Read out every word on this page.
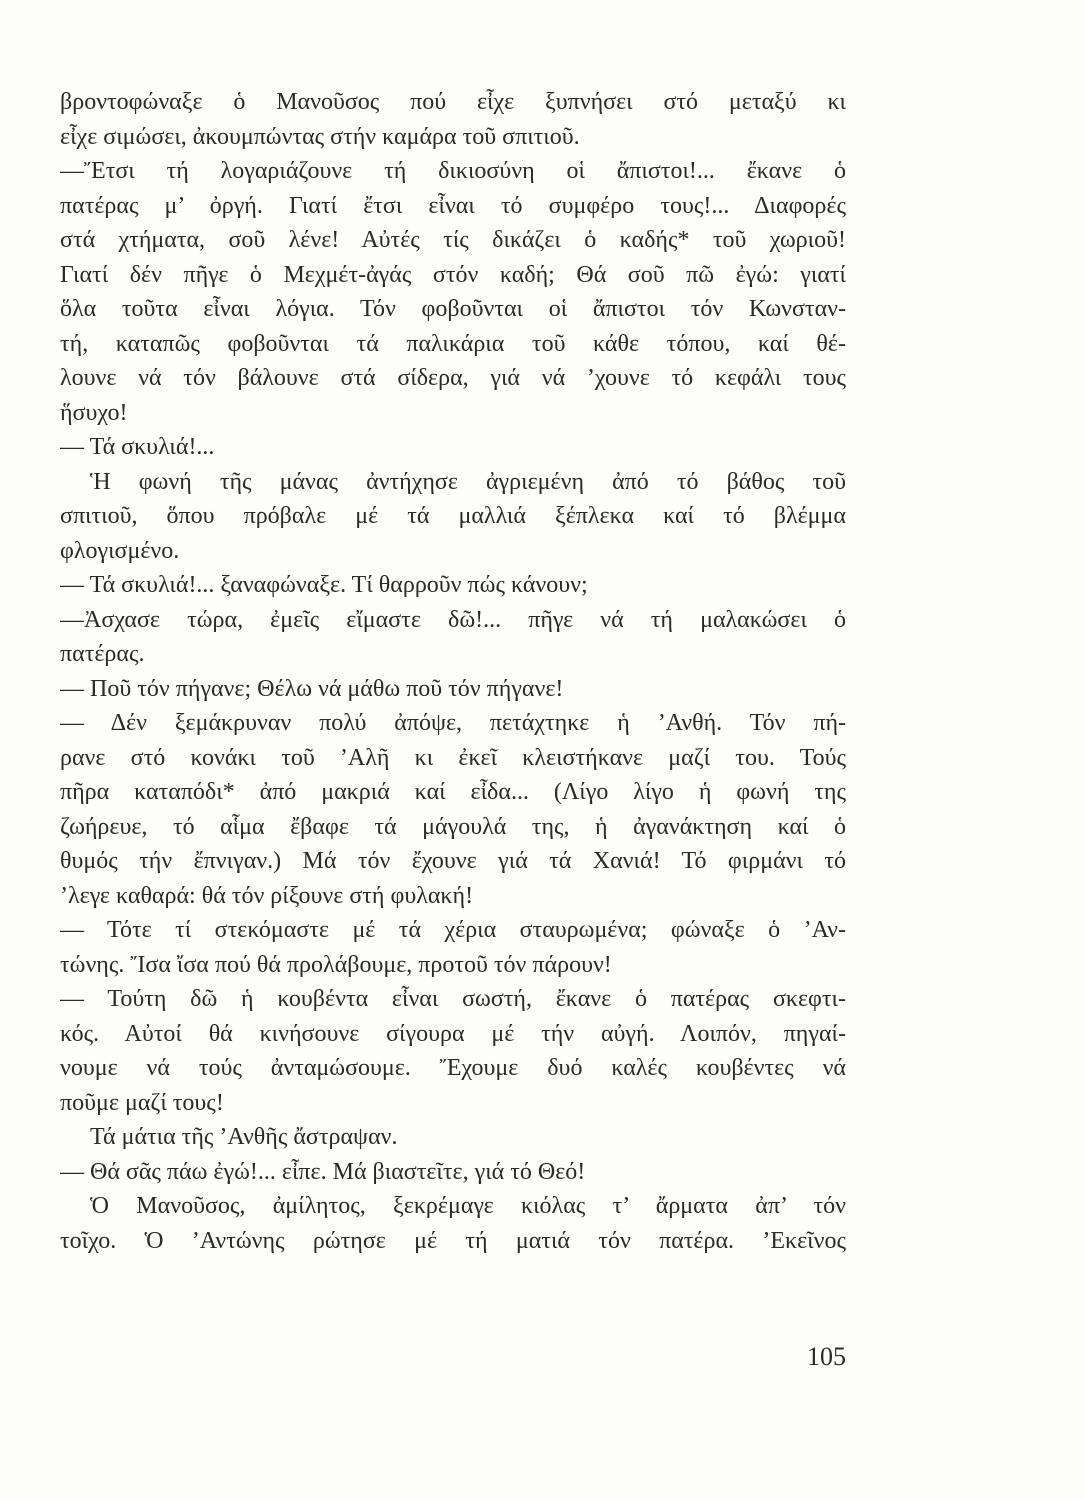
βροντοφώναξε ὁ Μανοῦσος πού εἶχε ξυπνήσει στό μεταξύ κι
εἶχε σιμώσει, ἀκουμπώντας στήν καμάρα τοῦ σπιτιοῦ.
—Ἔτσι τή λογαριάζουνε τή δικιοσύνη οἱ ἄπιστοι!... ἔκανε ὁ
πατέρας μ’ ὀργή. Γιατί ἔτσι εἶναι τό συμφέρο τους!... Διαφορές
στά χτήματα, σοῦ λένε! Αὐτές τίς δικάζει ὁ καδής* τοῦ χωριοῦ!
Γιατί δέν πῆγε ὁ Μεχμέτ-ἀγάς στόν καδή; Θά σοῦ πῶ ἐγώ: γιατί
ὅλα τοῦτα εἶναι λόγια. Τόν φοβοῦνται οἱ ἄπιστοι τόν Κωνσταν-
τή, καταπῶς φοβοῦνται τά παλικάρια τοῦ κάθε τόπου, καί θέ-
λουνε νά τόν βάλουνε στά σίδερα, γιά νά ’χουνε τό κεφάλι τους
ἥσυχο!
— Τά σκυλιά!...
Ἡ φωνή τῆς μάνας ἀντήχησε ἀγριεμένη ἀπό τό βάθος τοῦ
σπιτιοῦ, ὅπου πρόβαλε μέ τά μαλλιά ξέπλεκα καί τό βλέμμα
φλογισμένο.
— Τά σκυλιά!... ξαναφώναξε. Τί θαρροῦν πώς κάνουν;
—Ἀσχασε τώρα, ἐμεῖς εἴμαστε δῶ!... πῆγε νά τή μαλακώσει ὁ
πατέρας.
— Ποῦ τόν πήγανε; Θέλω νά μάθω ποῦ τόν πήγανε!
— Δέν ξεμάκρυναν πολύ ἀπόψε, πετάχτηκε ἡ ’Ανθή. Τόν πή-
ρανε στό κονάκι τοῦ ’Αλῆ κι ἐκεῖ κλειστήκανε μαζί του. Τούς
πῆρα καταπόδι* ἀπό μακριά καί εἶδα... (Λίγο λίγο ἡ φωνή της
ζωήρευε, τό αἷμα ἔβαφε τά μάγουλά της, ἡ ἀγανάκτηση καί ὁ
θυμός τήν ἔπνιγαν.) Μά τόν ἔχουνε γιά τά Χανιά! Τό φιρμάνι τό
’λεγε καθαρά: θά τόν ρίξουνε στή φυλακή!
— Τότε τί στεκόμαστε μέ τά χέρια σταυρωμένα; φώναξε ὁ ’Αν-
τώνης. Ἴσα ἴσα πού θά προλάβουμε, προτοῦ τόν πάρουν!
— Τούτη δῶ ἡ κουβέντα εἶναι σωστή, ἔκανε ὁ πατέρας σκεφτι-
κός. Αὐτοί θά κινήσουνε σίγουρα μέ τήν αὐγή. Λοιπόν, πηγαί-
νουμε νά τούς ἀνταμώσουμε. Ἔχουμε δυό καλές κουβέντες νά
ποῦμε μαζί τους!
Τά μάτια τῆς ’Ανθῆς ἄστραψαν.
— Θά σᾶς πάω ἐγώ!... εἶπε. Μά βιαστεῖτε, γιά τό Θεό!
Ὁ Μανοῦσος, ἀμίλητος, ξεκρέμαγε κιόλας τ’ ἄρματα ἀπ’ τόν
τοῖχο. Ὁ ’Αντώνης ρώτησε μέ τή ματιά τόν πατέρα. ’Εκεῖνος
105
